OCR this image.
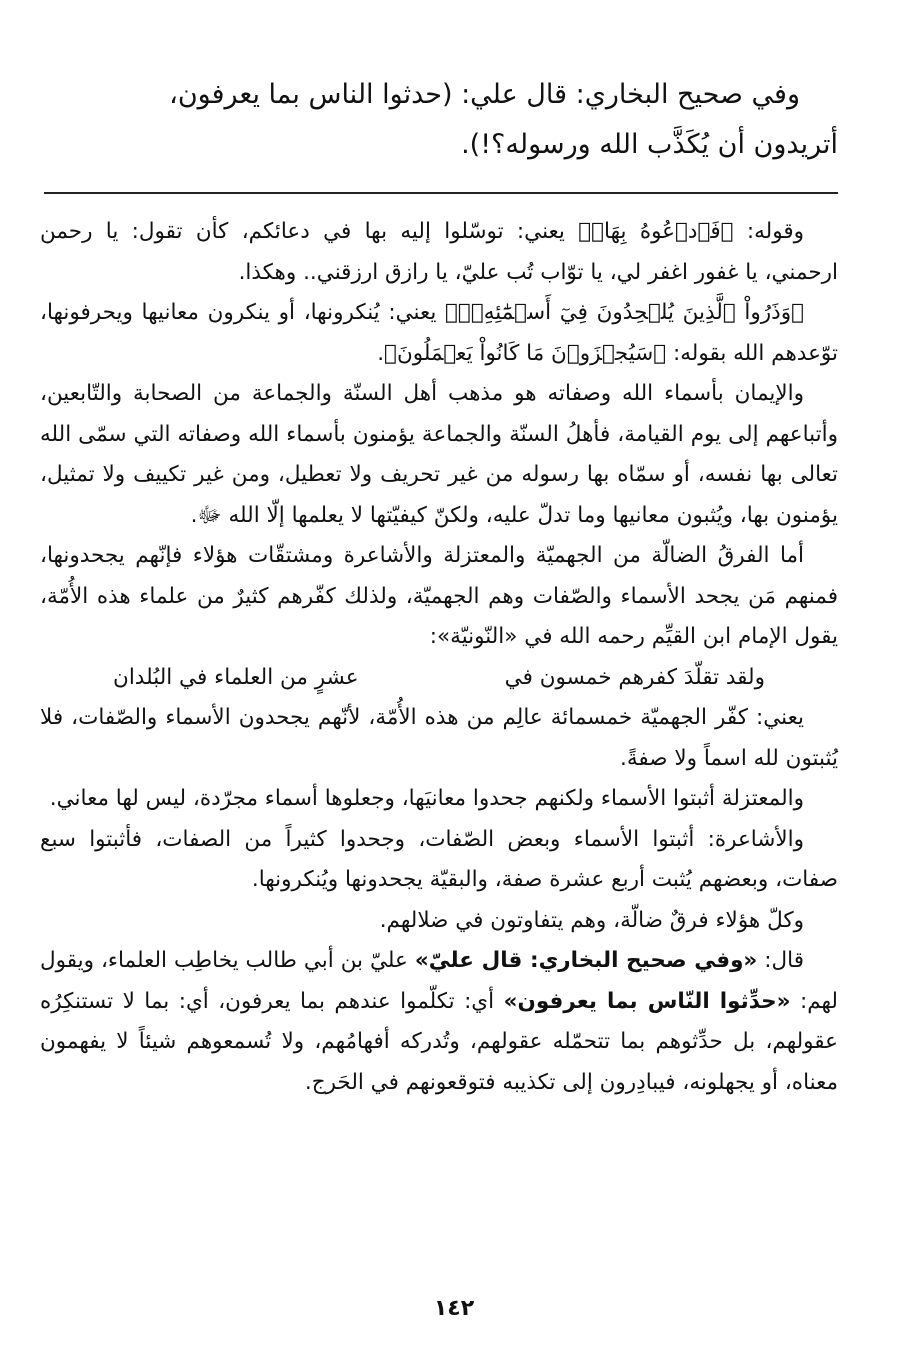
وفي صحيح البخاري: قال علي: (حدثوا الناس بما يعرفون،

أتريدون أن يُكَذَّب الله ورسوله؟!).

وقوله: ﴿فَٱدۡعُوهُ بِهَاۖ﴾ يعني: توسّلوا إليه بها في دعائكم، كأن تقول: يا رحمن ارحمني، يا غفور اغفر لي، يا توّاب تُب عليّ، يا رازق ارزقني.. وهكذا.

﴿وَذَرُواْ ٱلَّذِينَ يُلۡحِدُونَ فِيٓ أَسۡمَٰٓئِهِۦۚ﴾ يعني: يُنكرونها، أو ينكرون معانيها ويحرفونها، توّعدهم الله بقوله: ﴿سَيُجۡزَوۡنَ مَا كَانُواْ يَعۡمَلُونَ﴾.

والإيمان بأسماء الله وصفاته هو مذهب أهل السنّة والجماعة من الصحابة والتّابعين، وأتباعهم إلى يوم القيامة، فأهلُ السنّة والجماعة يؤمنون بأسماء الله وصفاته التي سمّى الله تعالى بها نفسه، أو سمّاه بها رسوله من غير تحريف ولا تعطيل، ومن غير تكييف ولا تمثيل، يؤمنون بها، ويُثبون معانيها وما تدلّ عليه، ولكنّ كيفيّتها لا يعلمها إلّا الله ﷻ.

أما الفرقُ الضالّة من الجهميّة والمعتزلة والأشاعرة ومشتقّات هؤلاء فإنّهم يجحدونها، فمنهم مَن يجحد الأسماء والصّفات وهم الجهميّة، ولذلك كفّرهم كثيرٌ من علماء هذه الأُمّة، يقول الإمام ابن القيِّم رحمه الله في «النّونيّة»:

ولقد تقلّدَ كفرهم خمسون في
عشرٍ من العلماء في البُلدان

يعني: كفّر الجهميّة خمسمائة عالِم من هذه الأُمّة، لأنّهم يجحدون الأسماء والصّفات، فلا يُثبتون لله اسماً ولا صفةً.

والمعتزلة أثبتوا الأسماء ولكنهم جحدوا معانيَها، وجعلوها أسماء مجرّدة، ليس لها معاني.

والأشاعرة: أثبتوا الأسماء وبعض الصّفات، وجحدوا كثيراً من الصفات، فأثبتوا سبع صفات، وبعضهم يُثبت أربع عشرة صفة، والبقيّة يجحدونها ويُنكرونها.

وكلّ هؤلاء فرقٌ ضالّة، وهم يتفاوتون في ضلالهم.

قال: «وفي صحيح البخاري: قال عليّ» عليّ بن أبي طالب يخاطِب العلماء، ويقول لهم: «حدِّثوا النّاس بما يعرفون» أي: تكلّموا عندهم بما يعرفون، أي: بما لا تستنكِرُه عقولهم، بل حدِّثوهم بما تتحمّله عقولهم، وتُدركه أفهامُهم، ولا تُسمعوهم شيئاً لا يفهمون معناه، أو يجهلونه، فيبادِرون إلى تكذيبه فتوقعونهم في الحَرج.

١٤٢
